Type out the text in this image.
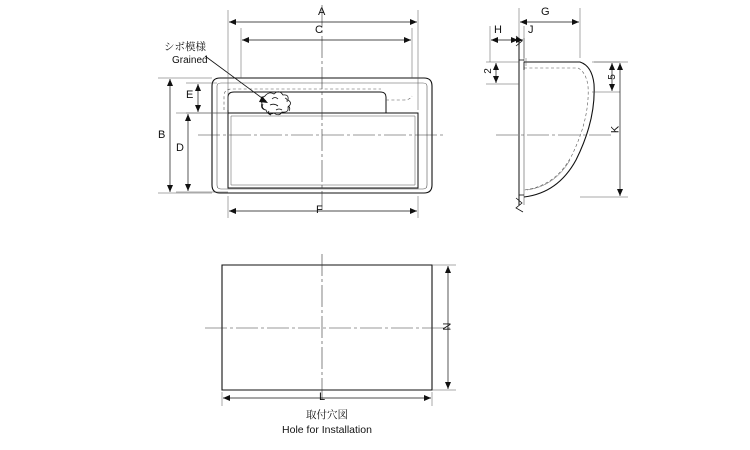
A
C
B
D
E
F
G
H J
2
5
K
N
L
シボ模様
Grained
取付穴図
Hole for Installation
